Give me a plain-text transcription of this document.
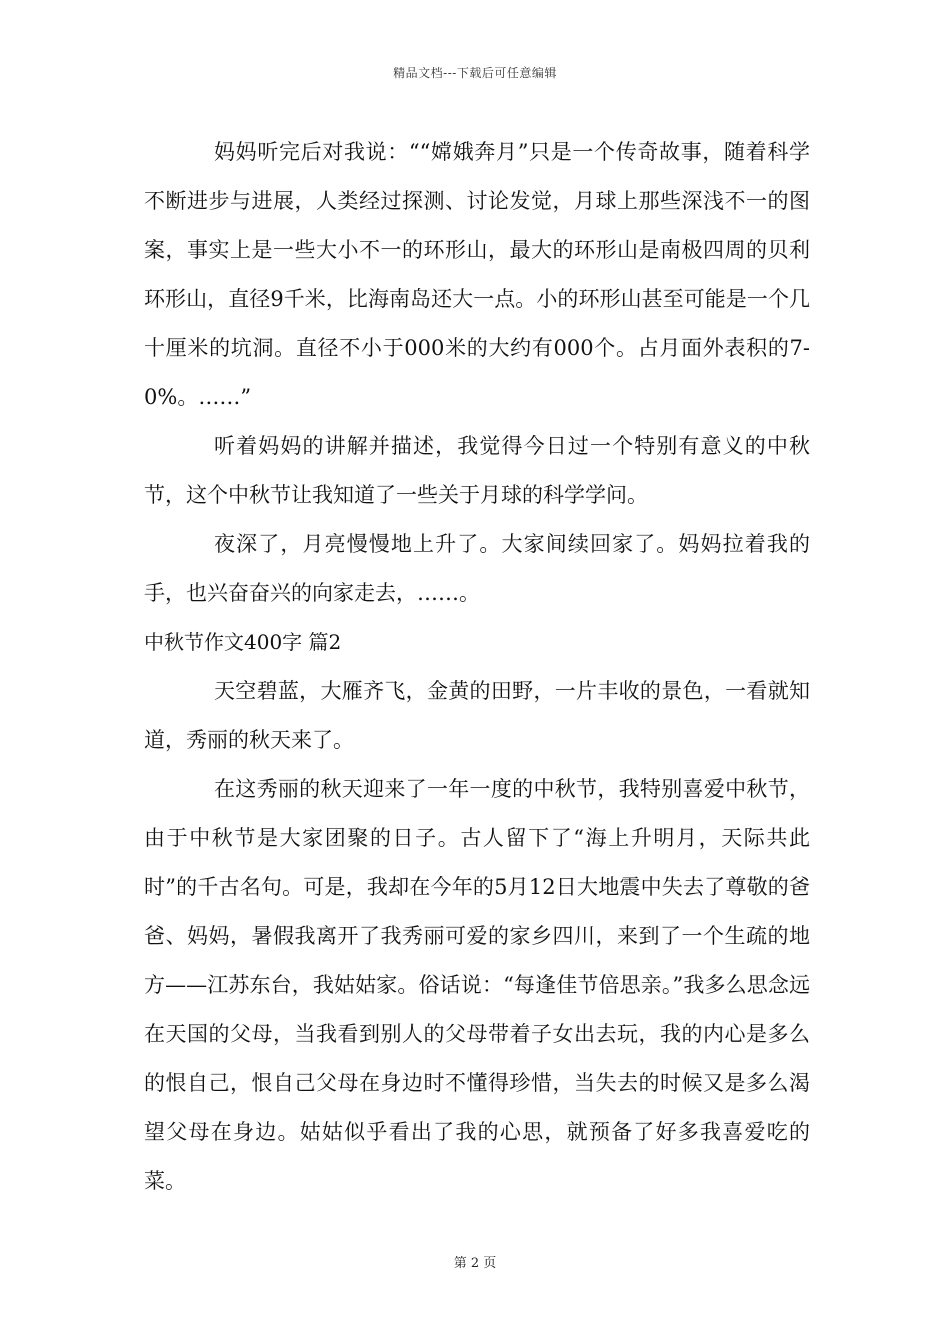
精品文档---下载后可任意编辑

妈妈听完后对我说：““嫦娥奔月”只是一个传奇故事，随着科学不断进步与进展，人类经过探测、讨论发觉，月球上那些深浅不一的图案，事实上是一些大小不一的环形山，最大的环形山是南极四周的贝利环形山，直径9千米，比海南岛还大一点。小的环形山甚至可能是一个几十厘米的坑洞。直径不小于000米的大约有000个。占月面外表积的7-0%。……”

听着妈妈的讲解并描述，我觉得今日过一个特别有意义的中秋节，这个中秋节让我知道了一些关于月球的科学学问。

夜深了，月亮慢慢地上升了。大家间续回家了。妈妈拉着我的手，也兴奋奋兴的向家走去，……。

中秋节作文400字 篇2

天空碧蓝，大雁齐飞，金黄的田野，一片丰收的景色，一看就知道，秀丽的秋天来了。

在这秀丽的秋天迎来了一年一度的中秋节，我特别喜爱中秋节，由于中秋节是大家团聚的日子。古人留下了“海上升明月，天际共此时”的千古名句。可是，我却在今年的5月12日大地震中失去了尊敬的爸爸、妈妈，暑假我离开了我秀丽可爱的家乡四川，来到了一个生疏的地方——江苏东台，我姑姑家。俗话说：“每逢佳节倍思亲。”我多么思念远在天国的父母，当我看到别人的父母带着子女出去玩，我的内心是多么的恨自己，恨自己父母在身边时不懂得珍惜，当失去的时候又是多么渴望父母在身边。姑姑似乎看出了我的心思，就预备了好多我喜爱吃的菜。

第 2 页
